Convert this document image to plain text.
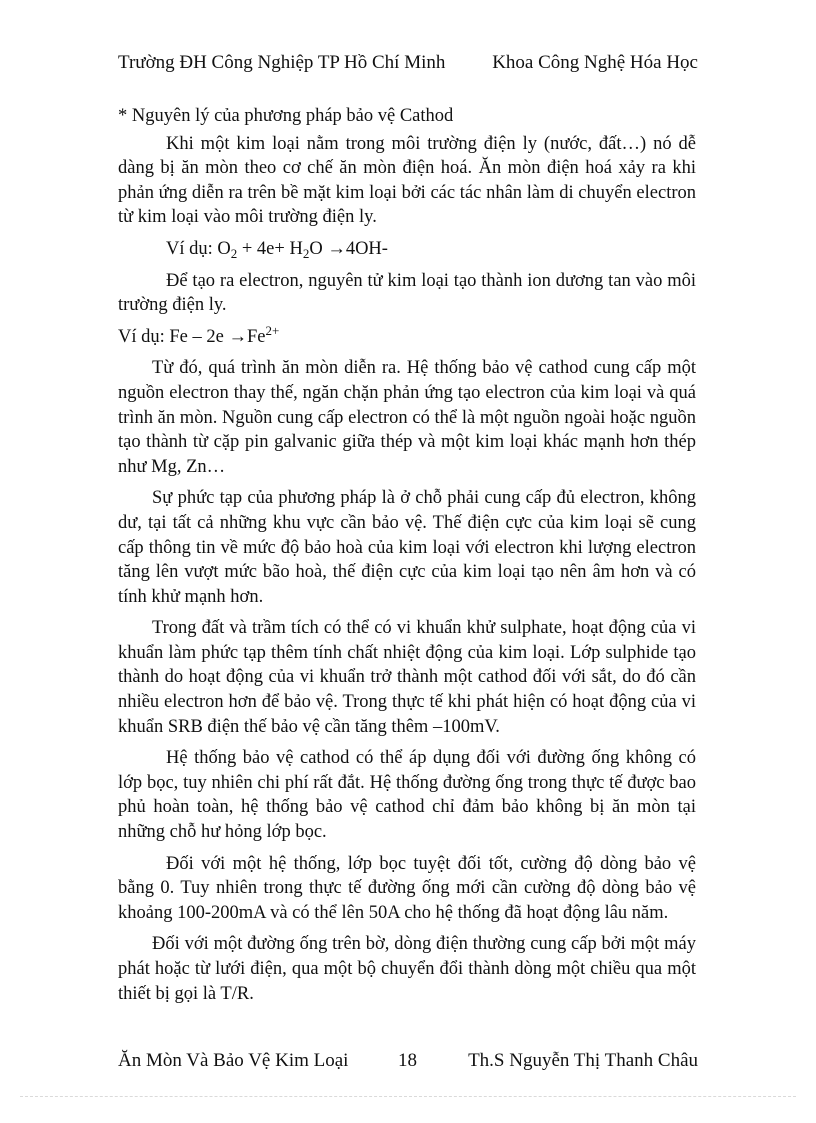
Trường ĐH Công Nghiệp TP Hồ Chí Minh Khoa Công Nghệ Hóa Học

* Nguyên lý của phương pháp bảo vệ Cathod

Khi một kim loại nằm trong môi trường điện ly (nước, đất…) nó dễ dàng bị ăn mòn theo cơ chế ăn mòn điện hoá. Ăn mòn điện hoá xảy ra khi phản ứng diễn ra trên bề mặt kim loại bởi các tác nhân làm di chuyển electron từ kim loại vào môi trường điện ly.

Ví dụ: $O_2 + 4e+ H_2O \to 4OH-$

Để tạo ra electron, nguyên tử kim loại tạo thành ion dương tan vào môi trường điện ly.

Ví dụ: $Fe - 2e \to Fe^{2+}$

Từ đó, quá trình ăn mòn diễn ra. Hệ thống bảo vệ cathod cung cấp một nguồn electron thay thế, ngăn chặn phản ứng tạo electron của kim loại và quá trình ăn mòn. Nguồn cung cấp electron có thể là một nguồn ngoài hoặc nguồn tạo thành từ cặp pin galvanic giữa thép và một kim loại khác mạnh hơn thép như Mg, Zn…

Sự phức tạp của phương pháp là ở chỗ phải cung cấp đủ electron, không dư, tại tất cả những khu vực cần bảo vệ. Thế điện cực của kim loại sẽ cung cấp thông tin về mức độ bảo hoà của kim loại với electron khi lượng electron tăng lên vượt mức bão hoà, thế điện cực của kim loại tạo nên âm hơn và có tính khử mạnh hơn.

Trong đất và trầm tích có thể có vi khuẩn khử sulphate, hoạt động của vi khuẩn làm phức tạp thêm tính chất nhiệt động của kim loại. Lớp sulphide tạo thành do hoạt động của vi khuẩn trở thành một cathod đối với sắt, do đó cần nhiều electron hơn để bảo vệ. Trong thực tế khi phát hiện có hoạt động của vi khuẩn SRB điện thế bảo vệ cần tăng thêm –100mV.

Hệ thống bảo vệ cathod có thể áp dụng đối với đường ống không có lớp bọc, tuy nhiên chi phí rất đắt. Hệ thống đường ống trong thực tế được bao phủ hoàn toàn, hệ thống bảo vệ cathod chỉ đảm bảo không bị ăn mòn tại những chỗ hư hỏng lớp bọc.

Đối với một hệ thống, lớp bọc tuyệt đối tốt, cường độ dòng bảo vệ bằng 0. Tuy nhiên trong thực tế đường ống mới cần cường độ dòng bảo vệ khoảng 100-200mA và có thể lên 50A cho hệ thống đã hoạt động lâu năm.

Đối với một đường ống trên bờ, dòng điện thường cung cấp bởi một máy phát hoặc từ lưới điện, qua một bộ chuyển đổi thành dòng một chiều qua một thiết bị gọi là T/R.

Ăn Mòn Và Bảo Vệ Kim Loại	18	Th.S Nguyễn Thị Thanh Châu
